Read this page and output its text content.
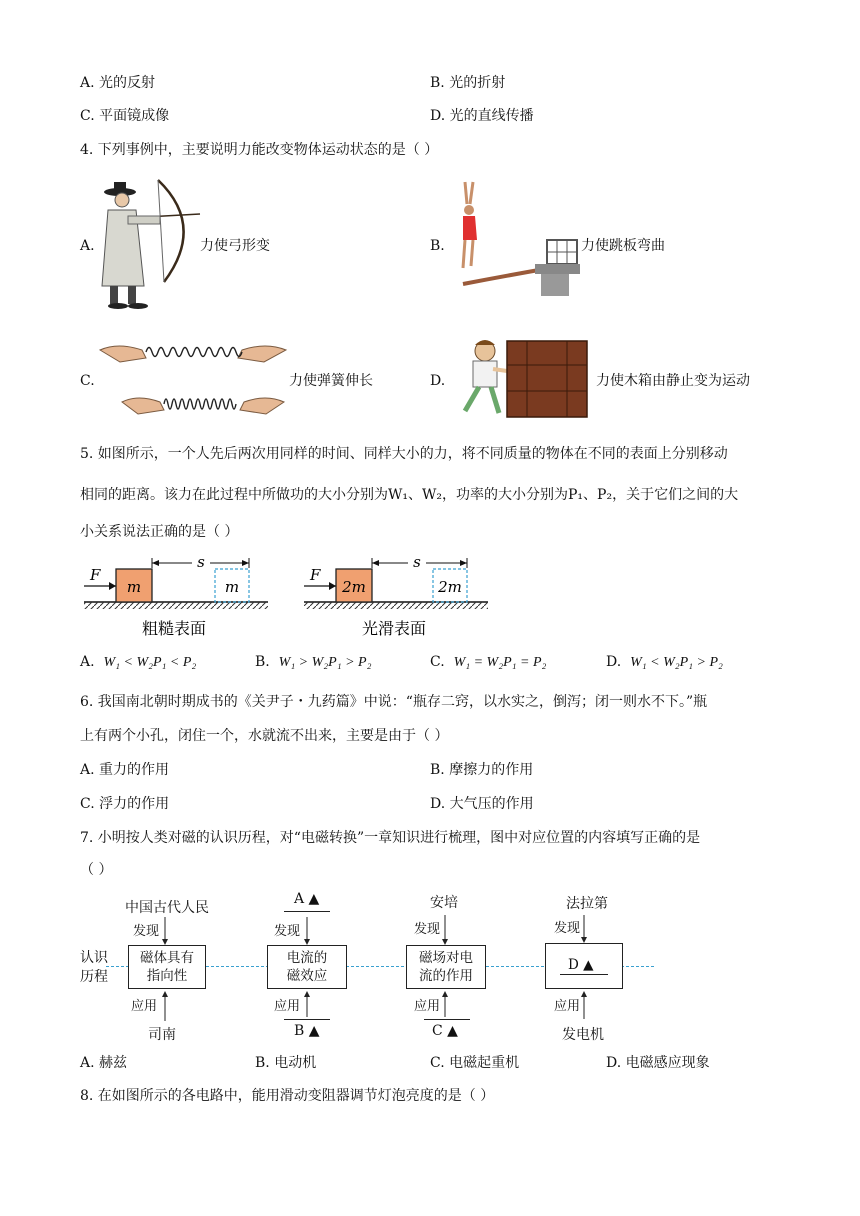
A. 光的反射	B. 光的折射
C. 平面镜成像	D. 光的直线传播
4. 下列事例中，主要说明力能改变物体运动状态的是（ ）
A.	力使弓形变	B.	力使跳板弯曲
C.	力使弹簧伸长	D.	力使木箱由静止变为运动
5. 如图所示，一个人先后两次用同样的时间、同样大小的力，将不同质量的物体在不同的表面上分别移动
相同的距离。该力在此过程中所做功的大小分别为W₁、W₂，功率的大小分别为P₁、P₂，关于它们之间的大
小关系说法正确的是（ ）
m
F
m
s
粗糙表面
2m
F
2m
s
光滑表面
A. W₁ < W₂P₁ < P₂	B. W₁ > W₂P₁ > P₂	C. W₁ = W₂P₁ = P₂	D. W₁ < W₂P₁ > P₂
6. 我国南北朝时期成书的《关尹子・九药篇》中说：“瓶存二窍，以水实之，倒泻；闭一则水不下。”瓶
上有两个小孔，闭住一个，水就流不出来，主要是由于（ ）
A. 重力的作用	B. 摩擦力的作用
C. 浮力的作用	D. 大气压的作用
7. 小明按人类对磁的认识历程，对“电磁转换”一章知识进行梳理，图中对应位置的内容填写正确的是
（ ）
认识
历程
中国古代人民
发现
磁体具有
指向性
应用
司南
A ▲
发现
电流的
磁效应
应用
B ▲
安培
发现
磁场对电
流的作用
应用
C ▲
法拉第
发现
D ▲
应用
发电机
A. 赫兹	B. 电动机	C. 电磁起重机	D. 电磁感应现象
8. 在如图所示的各电路中，能用滑动变阻器调节灯泡亮度的是（ ）
